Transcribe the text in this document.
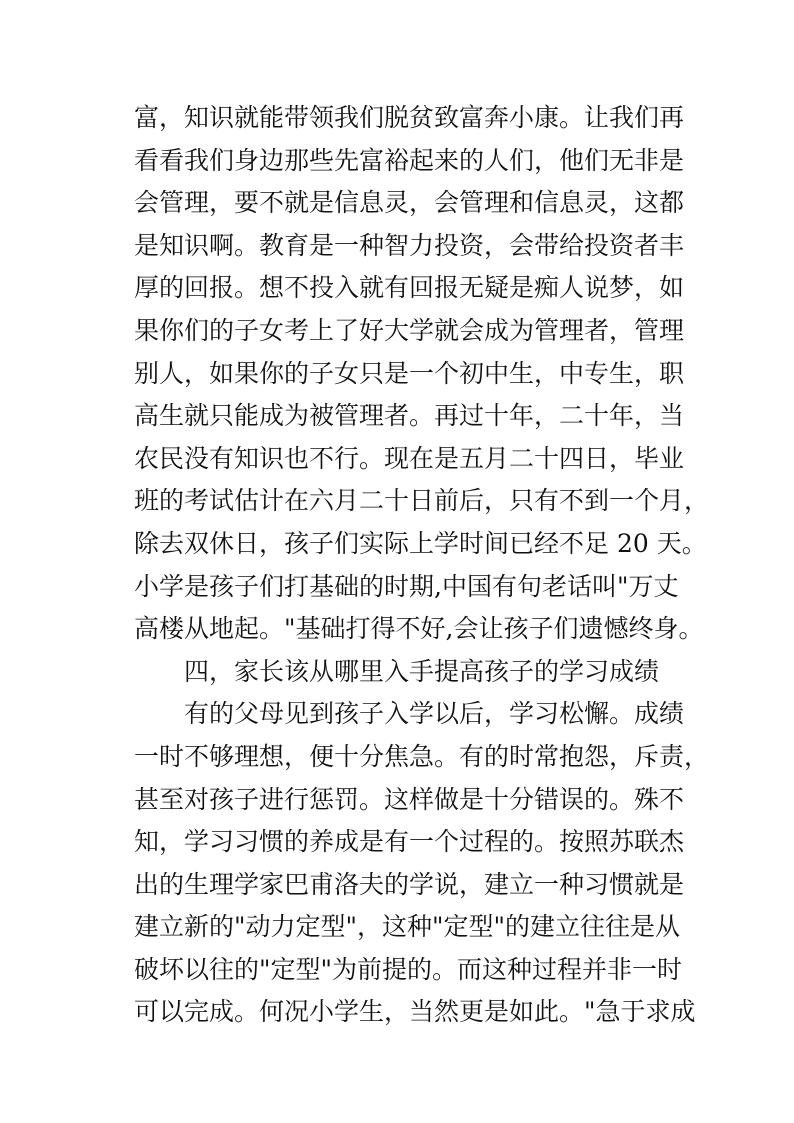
富，知识就能带领我们脱贫致富奔小康。让我们再
看看我们身边那些先富裕起来的人们，他们无非是
会管理，要不就是信息灵，会管理和信息灵，这都
是知识啊。教育是一种智力投资，会带给投资者丰
厚的回报。想不投入就有回报无疑是痴人说梦，如
果你们的子女考上了好大学就会成为管理者，管理
别人，如果你的子女只是一个初中生，中专生，职
高生就只能成为被管理者。再过十年，二十年，当
农民没有知识也不行。现在是五月二十四日，毕业
班的考试估计在六月二十日前后，只有不到一个月，
除去双休日，孩子们实际上学时间已经不足 20 天。
小学是孩子们打基础的时期,中国有句老话叫"万丈
高楼从地起。"基础打得不好,会让孩子们遗憾终身。
四，家长该从哪里入手提高孩子的学习成绩
有的父母见到孩子入学以后，学习松懈。成绩
一时不够理想，便十分焦急。有的时常抱怨，斥责，
甚至对孩子进行惩罚。这样做是十分错误的。殊不
知，学习习惯的养成是有一个过程的。按照苏联杰
出的生理学家巴甫洛夫的学说，建立一种习惯就是
建立新的"动力定型"，这种"定型"的建立往往是从
破坏以往的"定型"为前提的。而这种过程并非一时
可以完成。何况小学生，当然更是如此。"急于求成
